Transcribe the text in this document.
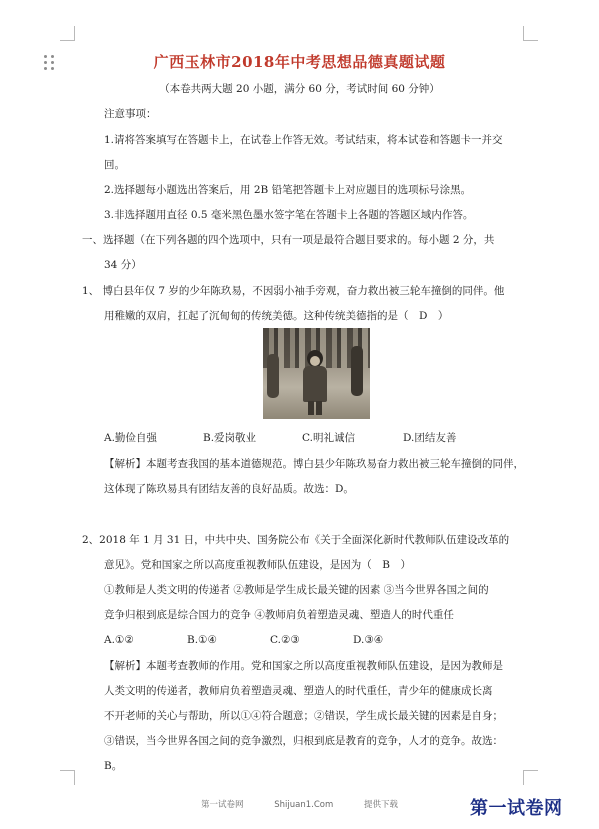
广西玉林市2018年中考思想品德真题试题
（本卷共两大题 20 小题，满分 60 分，考试时间 60 分钟）
注意事项：
1.请将答案填写在答题卡上，在试卷上作答无效。考试结束，将本试卷和答题卡一并交
回。
2.选择题每小题选出答案后，用 2B 铅笔把答题卡上对应题目的选项标号涂黑。
3.非选择题用直径 0.5 毫米黑色墨水签字笔在答题卡上各题的答题区域内作答。
一、选择题（在下列各题的四个选项中，只有一项是最符合题目要求的。每小题 2 分，共
34 分）
1、 博白县年仅 7 岁的少年陈玖易，不因弱小袖手旁观，奋力救出被三轮车撞倒的同伴。他
用稚嫩的双肩，扛起了沉甸甸的传统美德。这种传统美德指的是（　D　）
A.勤俭自强	B.爱岗敬业	C.明礼诚信	D.团结友善
【解析】本题考查我国的基本道德规范。博白县少年陈玖易奋力救出被三轮车撞倒的同伴，
这体现了陈玖易具有团结友善的良好品质。故选：D。
2、2018 年 1 月 31 日，中共中央、国务院公布《关于全面深化新时代教师队伍建设改革的
意见》。党和国家之所以高度重视教师队伍建设，是因为（　B　）
①教师是人类文明的传递者 ②教师是学生成长最关键的因素 ③当今世界各国之间的
竞争归根到底是综合国力的竞争 ④教师肩负着塑造灵魂、塑造人的时代重任
A.①②	B.①④	C.②③	D.③④
【解析】本题考查教师的作用。党和国家之所以高度重视教师队伍建设，是因为教师是
人类文明的传递者，教师肩负着塑造灵魂、塑造人的时代重任，青少年的健康成长离
不开老师的关心与帮助，所以①④符合题意；②错误，学生成长最关键的因素是自身；
③错误，当今世界各国之间的竞争激烈，归根到底是教育的竞争，人才的竞争。故选：
B。
第一试卷网	Shijuan1.Com	提供下载	第一试卷网
